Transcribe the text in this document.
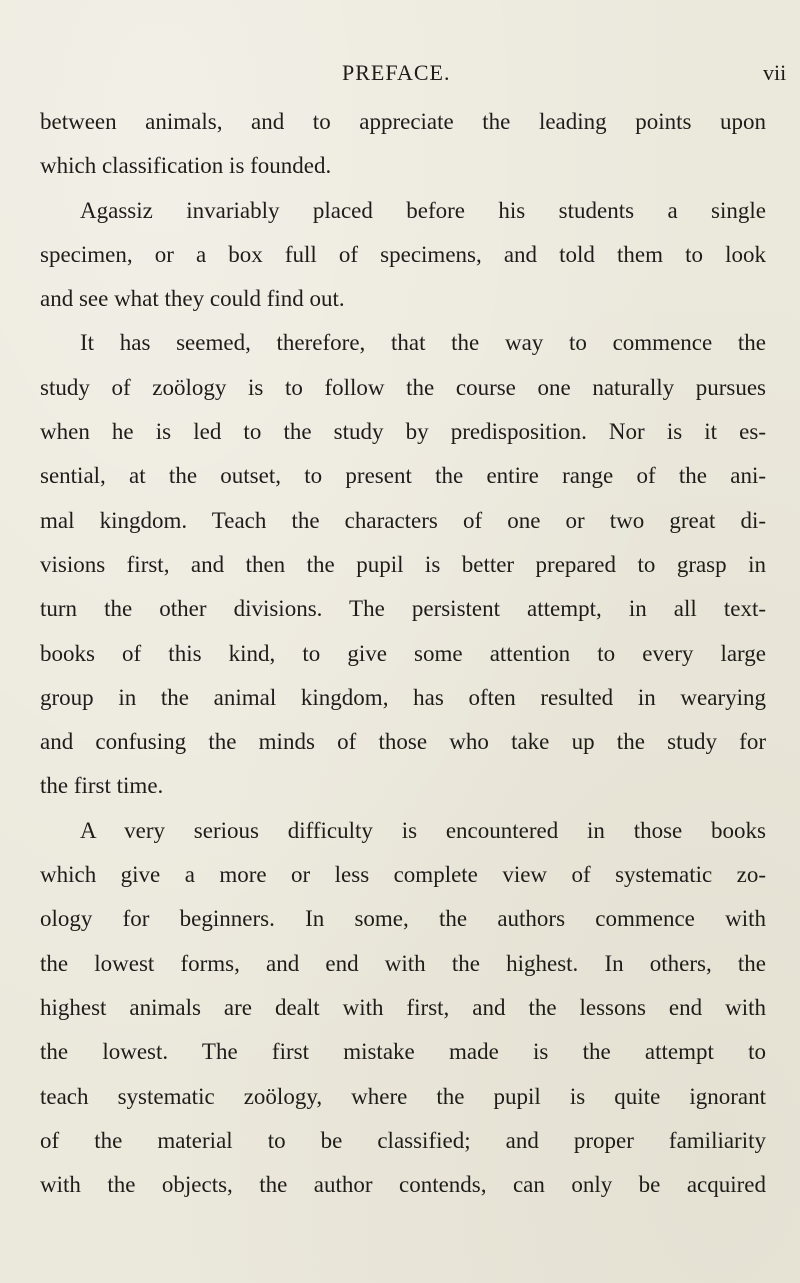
PREFACE.	vii
between animals, and to appreciate the leading points upon
which classification is founded.
Agassiz invariably placed before his students a single
specimen, or a box full of specimens, and told them to look
and see what they could find out.
It has seemed, therefore, that the way to commence the
study of zoölogy is to follow the course one naturally pursues
when he is led to the study by predisposition. Nor is it es-
sential, at the outset, to present the entire range of the ani-
mal kingdom. Teach the characters of one or two great di-
visions first, and then the pupil is better prepared to grasp in
turn the other divisions. The persistent attempt, in all text-
books of this kind, to give some attention to every large
group in the animal kingdom, has often resulted in wearying
and confusing the minds of those who take up the study for
the first time.
A very serious difficulty is encountered in those books
which give a more or less complete view of systematic zo-
ology for beginners. In some, the authors commence with
the lowest forms, and end with the highest. In others, the
highest animals are dealt with first, and the lessons end with
the lowest. The first mistake made is the attempt to
teach systematic zoölogy, where the pupil is quite ignorant
of the material to be classified; and proper familiarity
with the objects, the author contends, can only be acquired
